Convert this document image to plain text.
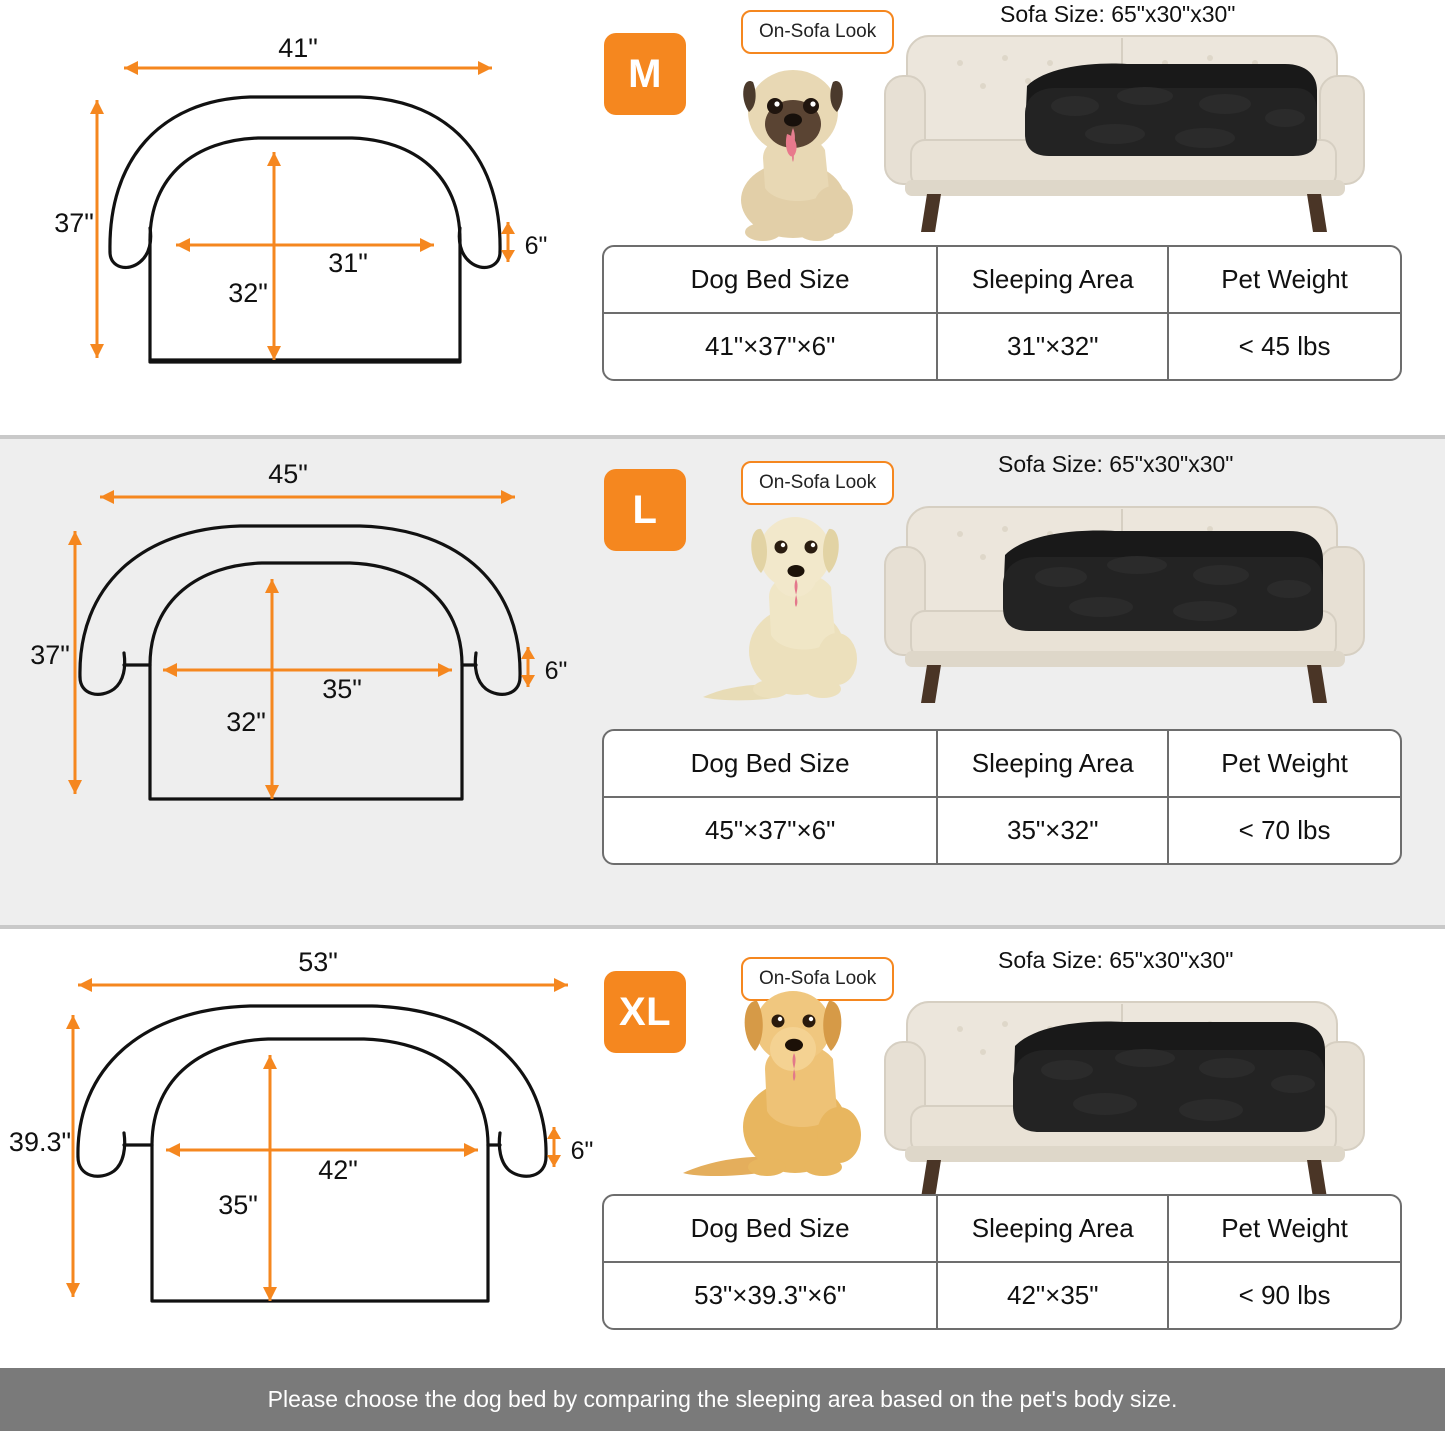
41"
37"
31"
32"
6"
M
On-Sofa Look
Sofa Size: 65"x30"x30"
Dog Bed Size	Sleeping Area	Pet Weight
41"×37"×6"	31"×32"	< 45 lbs
45"
37"
35"
32"
6"
L
On-Sofa Look
Sofa Size: 65"x30"x30"
Dog Bed Size	Sleeping Area	Pet Weight
45"×37"×6"	35"×32"	< 70 lbs
53"
39.3"
42"
35"
6"
XL
On-Sofa Look
Sofa Size: 65"x30"x30"
Dog Bed Size	Sleeping Area	Pet Weight
53"×39.3"×6"	42"×35"	< 90 lbs
Please choose the dog bed by comparing the sleeping area based on the pet's body size.
